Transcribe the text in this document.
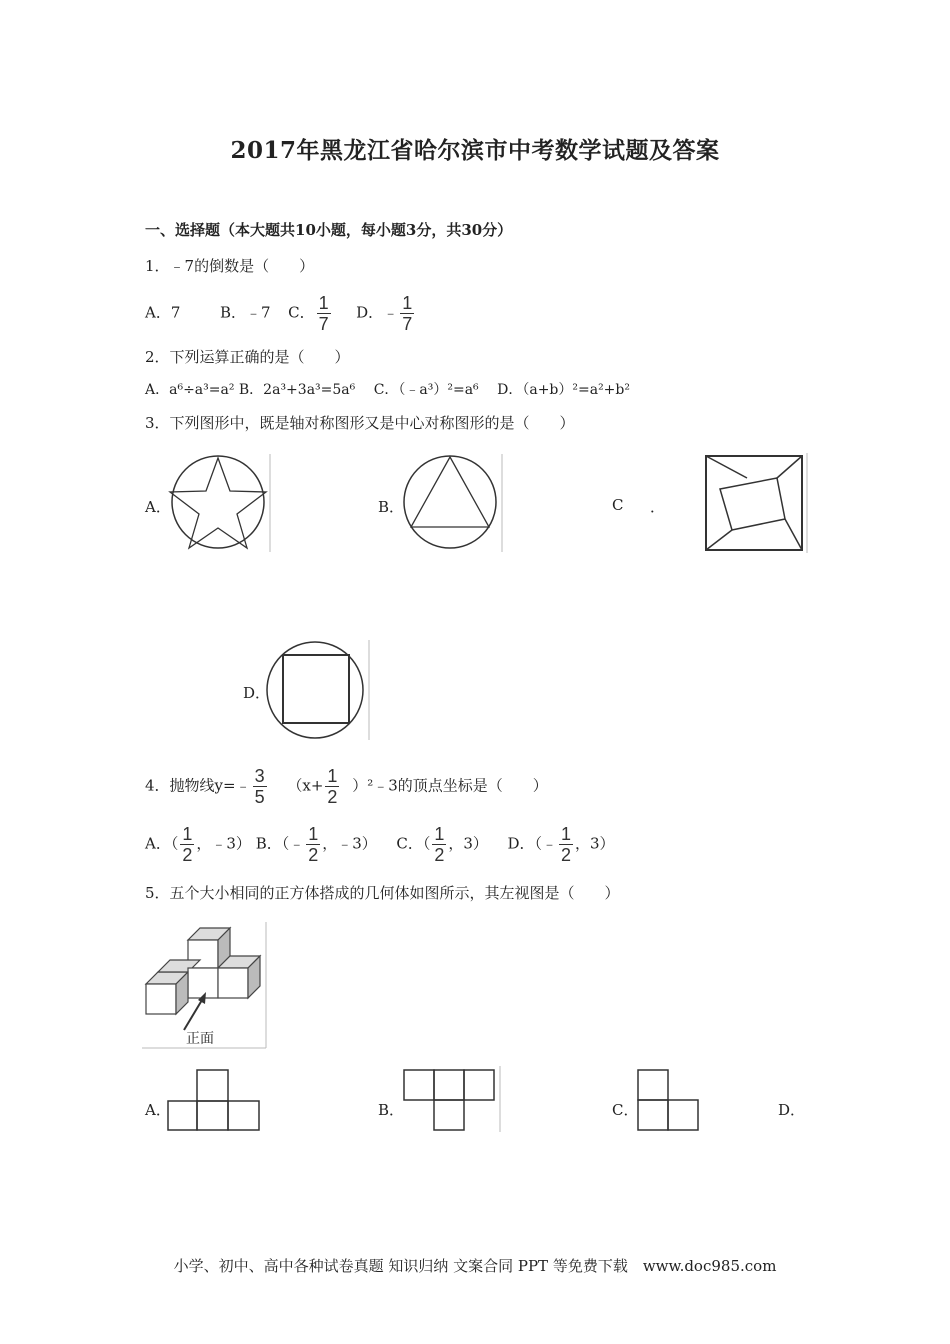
2017年黑龙江省哈尔滨市中考数学试题及答案
一、选择题（本大题共10小题，每小题3分，共30分）
1．﹣7的倒数是（　　）
A．7	B．﹣7 C． $\frac{1}{7}$ D．﹣ $\frac{1}{7}$
2．下列运算正确的是（　　）
A．a⁶÷a³=a² B．2a³+3a³=5a⁶　 C．（﹣a³）²=a⁶　 D．（a+b）²=a²+b²
3．下列图形中，既是轴对称图形又是中心对称图形的是（　　）
A．	B．	C ．
D．
4．抛物线y=﹣ $\frac{3}{5} (x+ \frac{1}{2}$ ）²﹣3的顶点坐标是（　　）
A．（ $\frac{1}{2}$ ，﹣3） B．（﹣ $\frac{1}{2}$ ，﹣3） C．（ $\frac{1}{2}$ ，3） D．（﹣ $\frac{1}{2}$ ，3）
5．五个大小相同的正方体搭成的几何体如图所示，其左视图是（　　）
正面
A．	B．	C．	D．
小学、初中、高中各种试卷真题 知识归纳 文案合同 PPT 等免费下载　www.doc985.com
